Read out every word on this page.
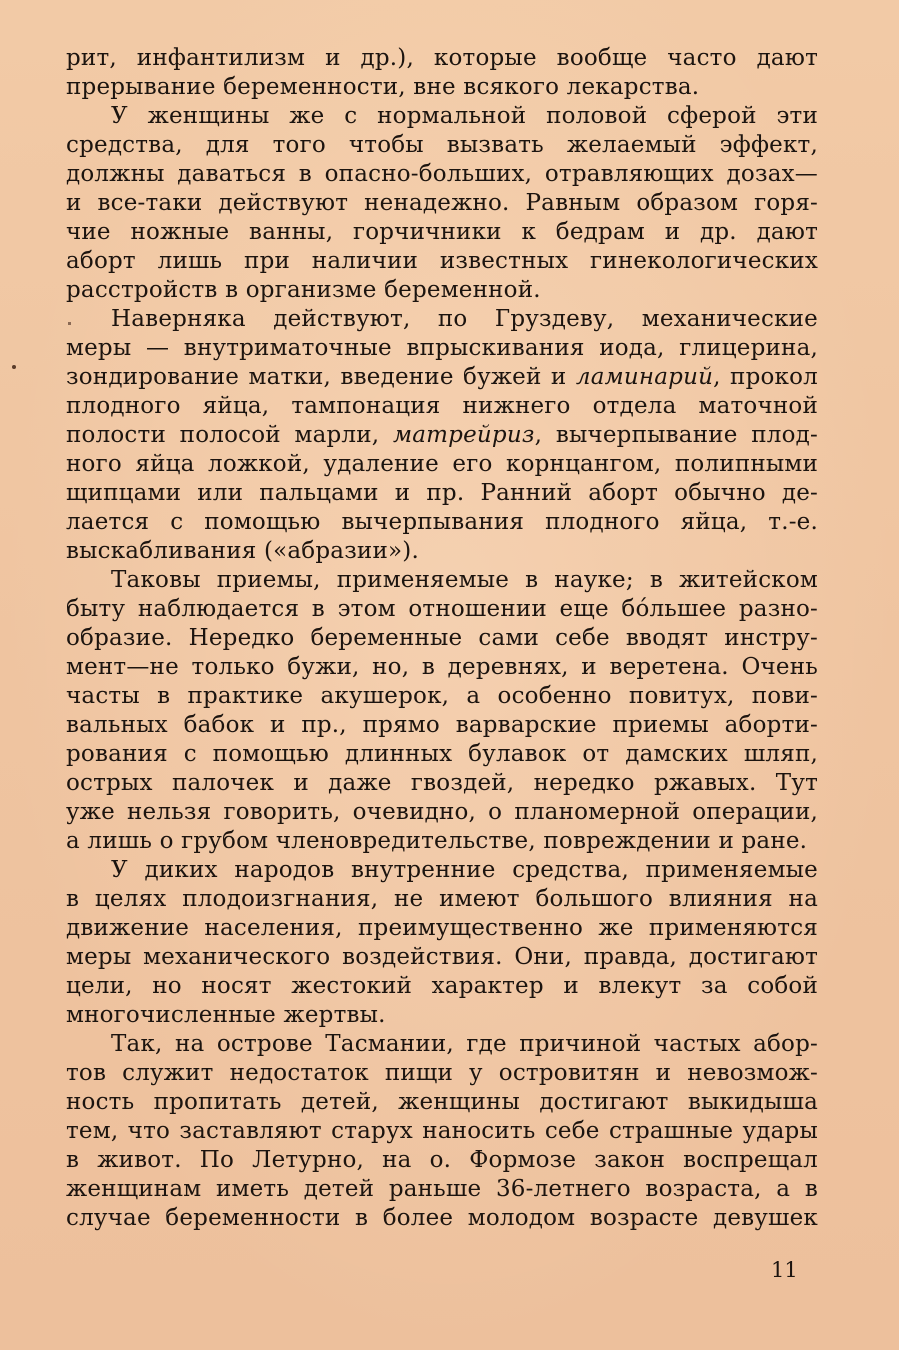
рит, инфантилизм и др.), которые вообще часто дают
прерывание беременности, вне всякого лекарства.
У женщины же с нормальной половой сферой эти
средства, для того чтобы вызвать желаемый эффект,
должны даваться в опасно-больших, отравляющих дозах—
и все-таки действуют ненадежно. Равным образом горя-
чие ножные ванны, горчичники к бедрам и др. дают
аборт лишь при наличии известных гинекологических
расстройств в организме беременной.
Наверняка действуют, по Груздеву, механические
меры — внутриматочные впрыскивания иода, глицерина,
зондирование матки, введение бужей и ламинарий, прокол
плодного яйца, тампонация нижнего отдела маточной
полости полосой марли, матрейриз, вычерпывание плод-
ного яйца ложкой, удаление его корнцангом, полипными
щипцами или пальцами и пр. Ранний аборт обычно де-
лается с помощью вычерпывания плодного яйца, т.-е.
выскабливания («абразии»).
Таковы приемы, применяемые в науке; в житейском
быту наблюдается в этом отношении еще бо́льшее разно-
образие. Нередко беременные сами себе вводят инстру-
мент—не только бужи, но, в деревнях, и веретена. Очень
часты в практике акушерок, а особенно повитух, пови-
вальных бабок и пр., прямо варварские приемы аборти-
рования с помощью длинных булавок от дамских шляп,
острых палочек и даже гвоздей, нередко ржавых. Тут
уже нельзя говорить, очевидно, о планомерной операции,
а лишь о грубом членовредительстве, повреждении и ране.
У диких народов внутренние средства, применяемые
в целях плодоизгнания, не имеют большого влияния на
движение населения, преимущественно же применяются
меры механического воздействия. Они, правда, достигают
цели, но носят жестокий характер и влекут за собой
многочисленные жертвы.
Так, на острове Тасмании, где причиной частых абор-
тов служит недостаток пищи у островитян и невозмож-
ность пропитать детей, женщины достигают выкидыша
тем, что заставляют старух наносить себе страшные удары
в живот. По Летурно, на о. Формозе закон воспрещал
женщинам иметь детей раньше 36-летнего возраста, а в
случае беременности в более молодом возрасте девушек
11
